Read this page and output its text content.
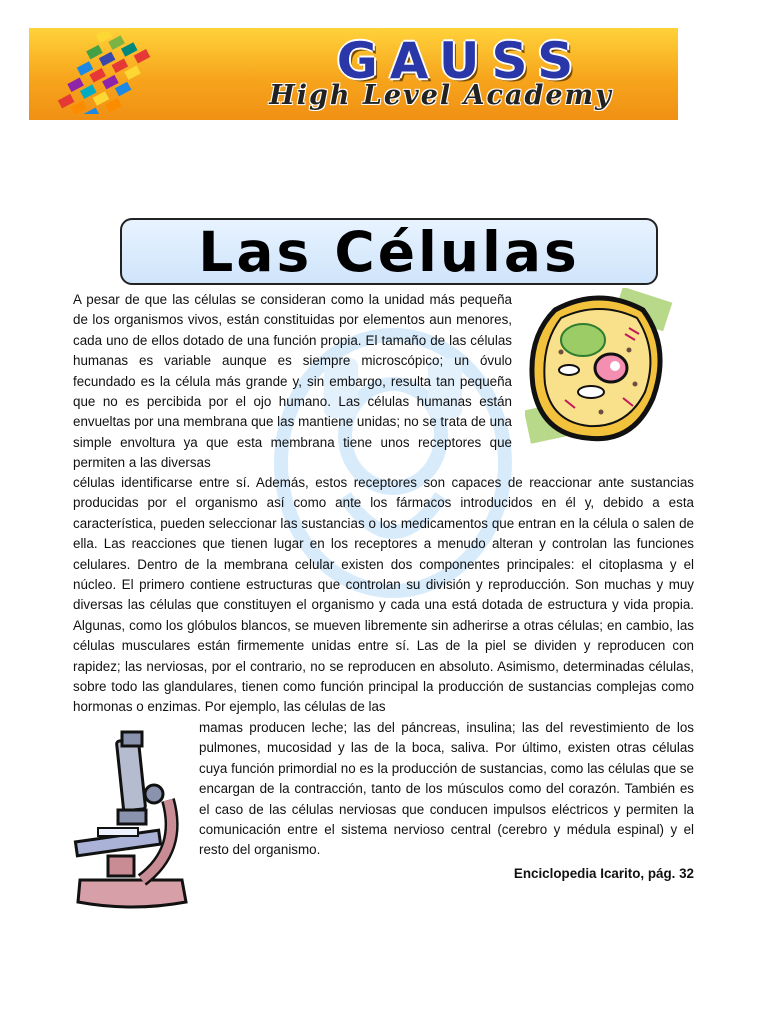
GAUSS
High Level Academy
Las Células
A pesar de que las células se consideran como la unidad más pequeña de los organismos vivos, están constituidas por elementos aun menores, cada uno de ellos dotado de una función propia. El tamaño de las células humanas es variable aunque es siempre microscópico; un óvulo fecundado es la célula más grande y, sin embargo, resulta tan pequeña que no es percibida por el ojo humano. Las células humanas están envueltas por una membrana que las mantiene unidas; no se trata de una simple envoltura ya que esta membrana tiene unos receptores que permiten a las diversas
células identificarse entre sí. Además, estos receptores son capaces de reaccionar ante sustancias producidas por el organismo así como ante los fármacos introducidos en él y, debido a esta característica, pueden seleccionar las sustancias o los medicamentos que entran en la célula o salen de ella. Las reacciones que tienen lugar en los receptores a menudo alteran y controlan las funciones celulares. Dentro de la membrana celular existen dos componentes principales: el citoplasma y el núcleo. El primero contiene estructuras que controlan su división y reproducción. Son muchas y muy diversas las células que constituyen el organismo y cada una está dotada de estructura y vida propia. Algunas, como los glóbulos blancos, se mueven libremente sin adherirse a otras células; en cambio, las células musculares están firmemente unidas entre sí. Las de la piel se dividen y reproducen con rapidez; las nerviosas, por el contrario, no se reproducen en absoluto. Asimismo, determinadas células, sobre todo las glandulares, tienen como función principal la producción de sustancias complejas como hormonas o enzimas. Por ejemplo, las células de las
mamas producen leche; las del páncreas, insulina; las del revestimiento de los pulmones, mucosidad y las de la boca, saliva. Por último, existen otras células cuya función primordial no es la producción de sustancias, como las células que se encargan de la contracción, tanto de los músculos como del corazón. También es el caso de las células nerviosas que conducen impulsos eléctricos y permiten la comunicación entre el sistema nervioso central (cerebro y médula espinal) y el resto del organismo.
Enciclopedia Icarito, pág. 32
